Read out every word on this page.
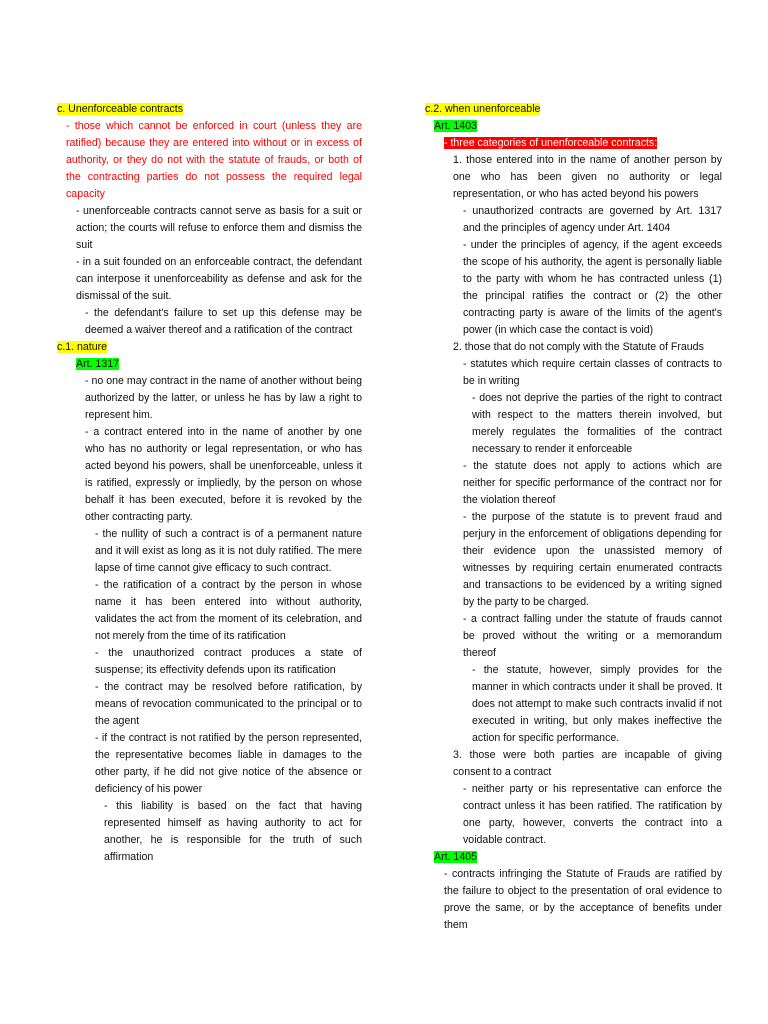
c. Unenforceable contracts

- those which cannot be enforced in court (unless they are ratified) because they are entered into without or in excess of authority, or they do not with the statute of frauds, or both of the contracting parties do not possess the required legal capacity

- unenforceable contracts cannot serve as basis for a suit or action; the courts will refuse to enforce them and dismiss the suit

- in a suit founded on an enforceable contract, the defendant can interpose it unenforceability as defense and ask for the dismissal of the suit.

- the defendant's failure to set up this defense may be deemed a waiver thereof and a ratification of the contract

c.1. nature

Art. 1317

- no one may contract in the name of another without being authorized by the latter, or unless he has by law a right to represent him.

- a contract entered into in the name of another by one who has no authority or legal representation, or who has acted beyond his powers, shall be unenforceable, unless it is ratified, expressly or impliedly, by the person on whose behalf it has been executed, before it is revoked by the other contracting party.

- the nullity of such a contract is of a permanent nature and it will exist as long as it is not duly ratified. The mere lapse of time cannot give efficacy to such contract.

- the ratification of a contract by the person in whose name it has been entered into without authority, validates the act from the moment of its celebration, and not merely from the time of its ratification

- the unauthorized contract produces a state of suspense; its effectivity defends upon its ratification

- the contract may be resolved before ratification, by means of revocation communicated to the principal or to the agent

- if the contract is not ratified by the person represented, the representative becomes liable in damages to the other party, if he did not give notice of the absence or deficiency of his power

- this liability is based on the fact that having represented himself as having authority to act for another, he is responsible for the truth of such affirmation

c.2. when unenforceable

Art. 1403

- three categories of unenforceable contracts:

1. those entered into in the name of another person by one who has been given no authority or legal representation, or who has acted beyond his powers

- unauthorized contracts are governed by Art. 1317 and the principles of agency under Art. 1404

- under the principles of agency, if the agent exceeds the scope of his authority, the agent is personally liable to the party with whom he has contracted unless (1) the principal ratifies the contract or (2) the other contracting party is aware of the limits of the agent's power (in which case the contact is void)

2. those that do not comply with the Statute of Frauds

- statutes which require certain classes of contracts to be in writing

- does not deprive the parties of the right to contract with respect to the matters therein involved, but merely regulates the formalities of the contract necessary to render it enforceable

- the statute does not apply to actions which are neither for specific performance of the contract nor for the violation thereof

- the purpose of the statute is to prevent fraud and perjury in the enforcement of obligations depending for their evidence upon the unassisted memory of witnesses by requiring certain enumerated contracts and transactions to be evidenced by a writing signed by the party to be charged.

- a contract falling under the statute of frauds cannot be proved without the writing or a memorandum thereof

- the statute, however, simply provides for the manner in which contracts under it shall be proved. It does not attempt to make such contracts invalid if not executed in writing, but only makes ineffective the action for specific performance.

3. those were both parties are incapable of giving consent to a contract

- neither party or his representative can enforce the contract unless it has been ratified. The ratification by one party, however, converts the contract into a voidable contract.

Art. 1405

- contracts infringing the Statute of Frauds are ratified by the failure to object to the presentation of oral evidence to prove the same, or by the acceptance of benefits under them
